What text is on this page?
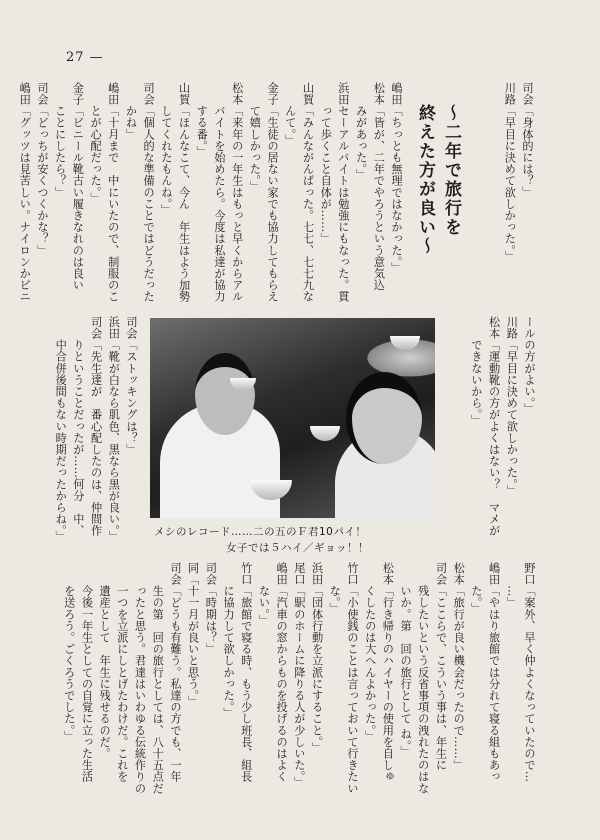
27 —
～二年で旅行を
終えた方が良い～	司会「身体的には？」
川路「早目に決めて欲しかった。」
嶋田「ちっとも無理ではなかった。」
松本「皆が、二年でやろうという意気込
　　みがあった。」
浜田セーアルバイトは勉強にもなった。貫
　　って歩くこと自体が……」
山賀「みんながんばった。七七、七七九な
　　んて。」
金子「生徒の居ない家でも協力してもらえ
　　て嬉しかった。」
松本「来年の一年生はもっと早くからアル
　　バイトを始めたら。今度は私達が協力
　　する番。」
山賀「ほんなこて、今ん　年生はよう加勢
　　してくれたもんね。」
司会「個人的な準備のことではどうだった
　　かね」
嶋田「十月まで　中にいたので、制服のこ
　　とが心配だった。」
金子「ビニール靴古い履きなれのは良い
　　ことにしたら？」
司会「どっちが安くつくかな？」
嶋田「グッツは見苦しい。ナイロンかビニ
ールの方がよい。」
川路「早目に決めて欲しかった。」
松本「運動靴の方がよくはない？　マメが
　　できないから。」
司会「ストッキングは？」
浜田「靴が白なら肌色、黒なら黒が良い。」
司会「先生達が　番心配したのは、仲間作
　　りということだったが……何分　中、
　　中合併後間もない時期だったからね。」	メシのレコード……二の五のＦ君10パイ！
女子では５ハイ／ギョッ！！
野口「案外、早く仲よくなっていたので…
　　…」
嶋田「やはり旅館では分れて寝る組もあっ
　　た。」
松本「旅行が良い機会だったので……」
司会「ここらで、こういう事は、年生に
　　残したいという反省事項の洩れたのはな
　　いか。第　回の旅行として ね。」
松本「行き帰りのハイヤーの使用を自しゅ
　　くしたのは大へんよかった。」
竹口「小使銭のことは言っておいて行きたい
　　な。」
浜田「団体行動を立派にすること。」
尾口「駅のホームに降りる人が少しいた。」
嶋田「汽車の窓からものを投げるのはよく
　　ない。」
竹口「旅館で寝る時、もう少し班長、組長
　　に協力して欲しかった。」
司会「時期は？」
同「十一月が良いと思う。」
司会「どうも有難う。私達の方でも、一年
　　生の第　回の旅行としては、八十五点だ
　　ったと思う。君達はいわゆる伝統作りの
　　一つを立派にしとげたわけだ。これを
　　遺産として　年生に残せるのだ。
　　今後一年生としての自覚に立った生活
　　を送ろう。ごくろうでした。」
